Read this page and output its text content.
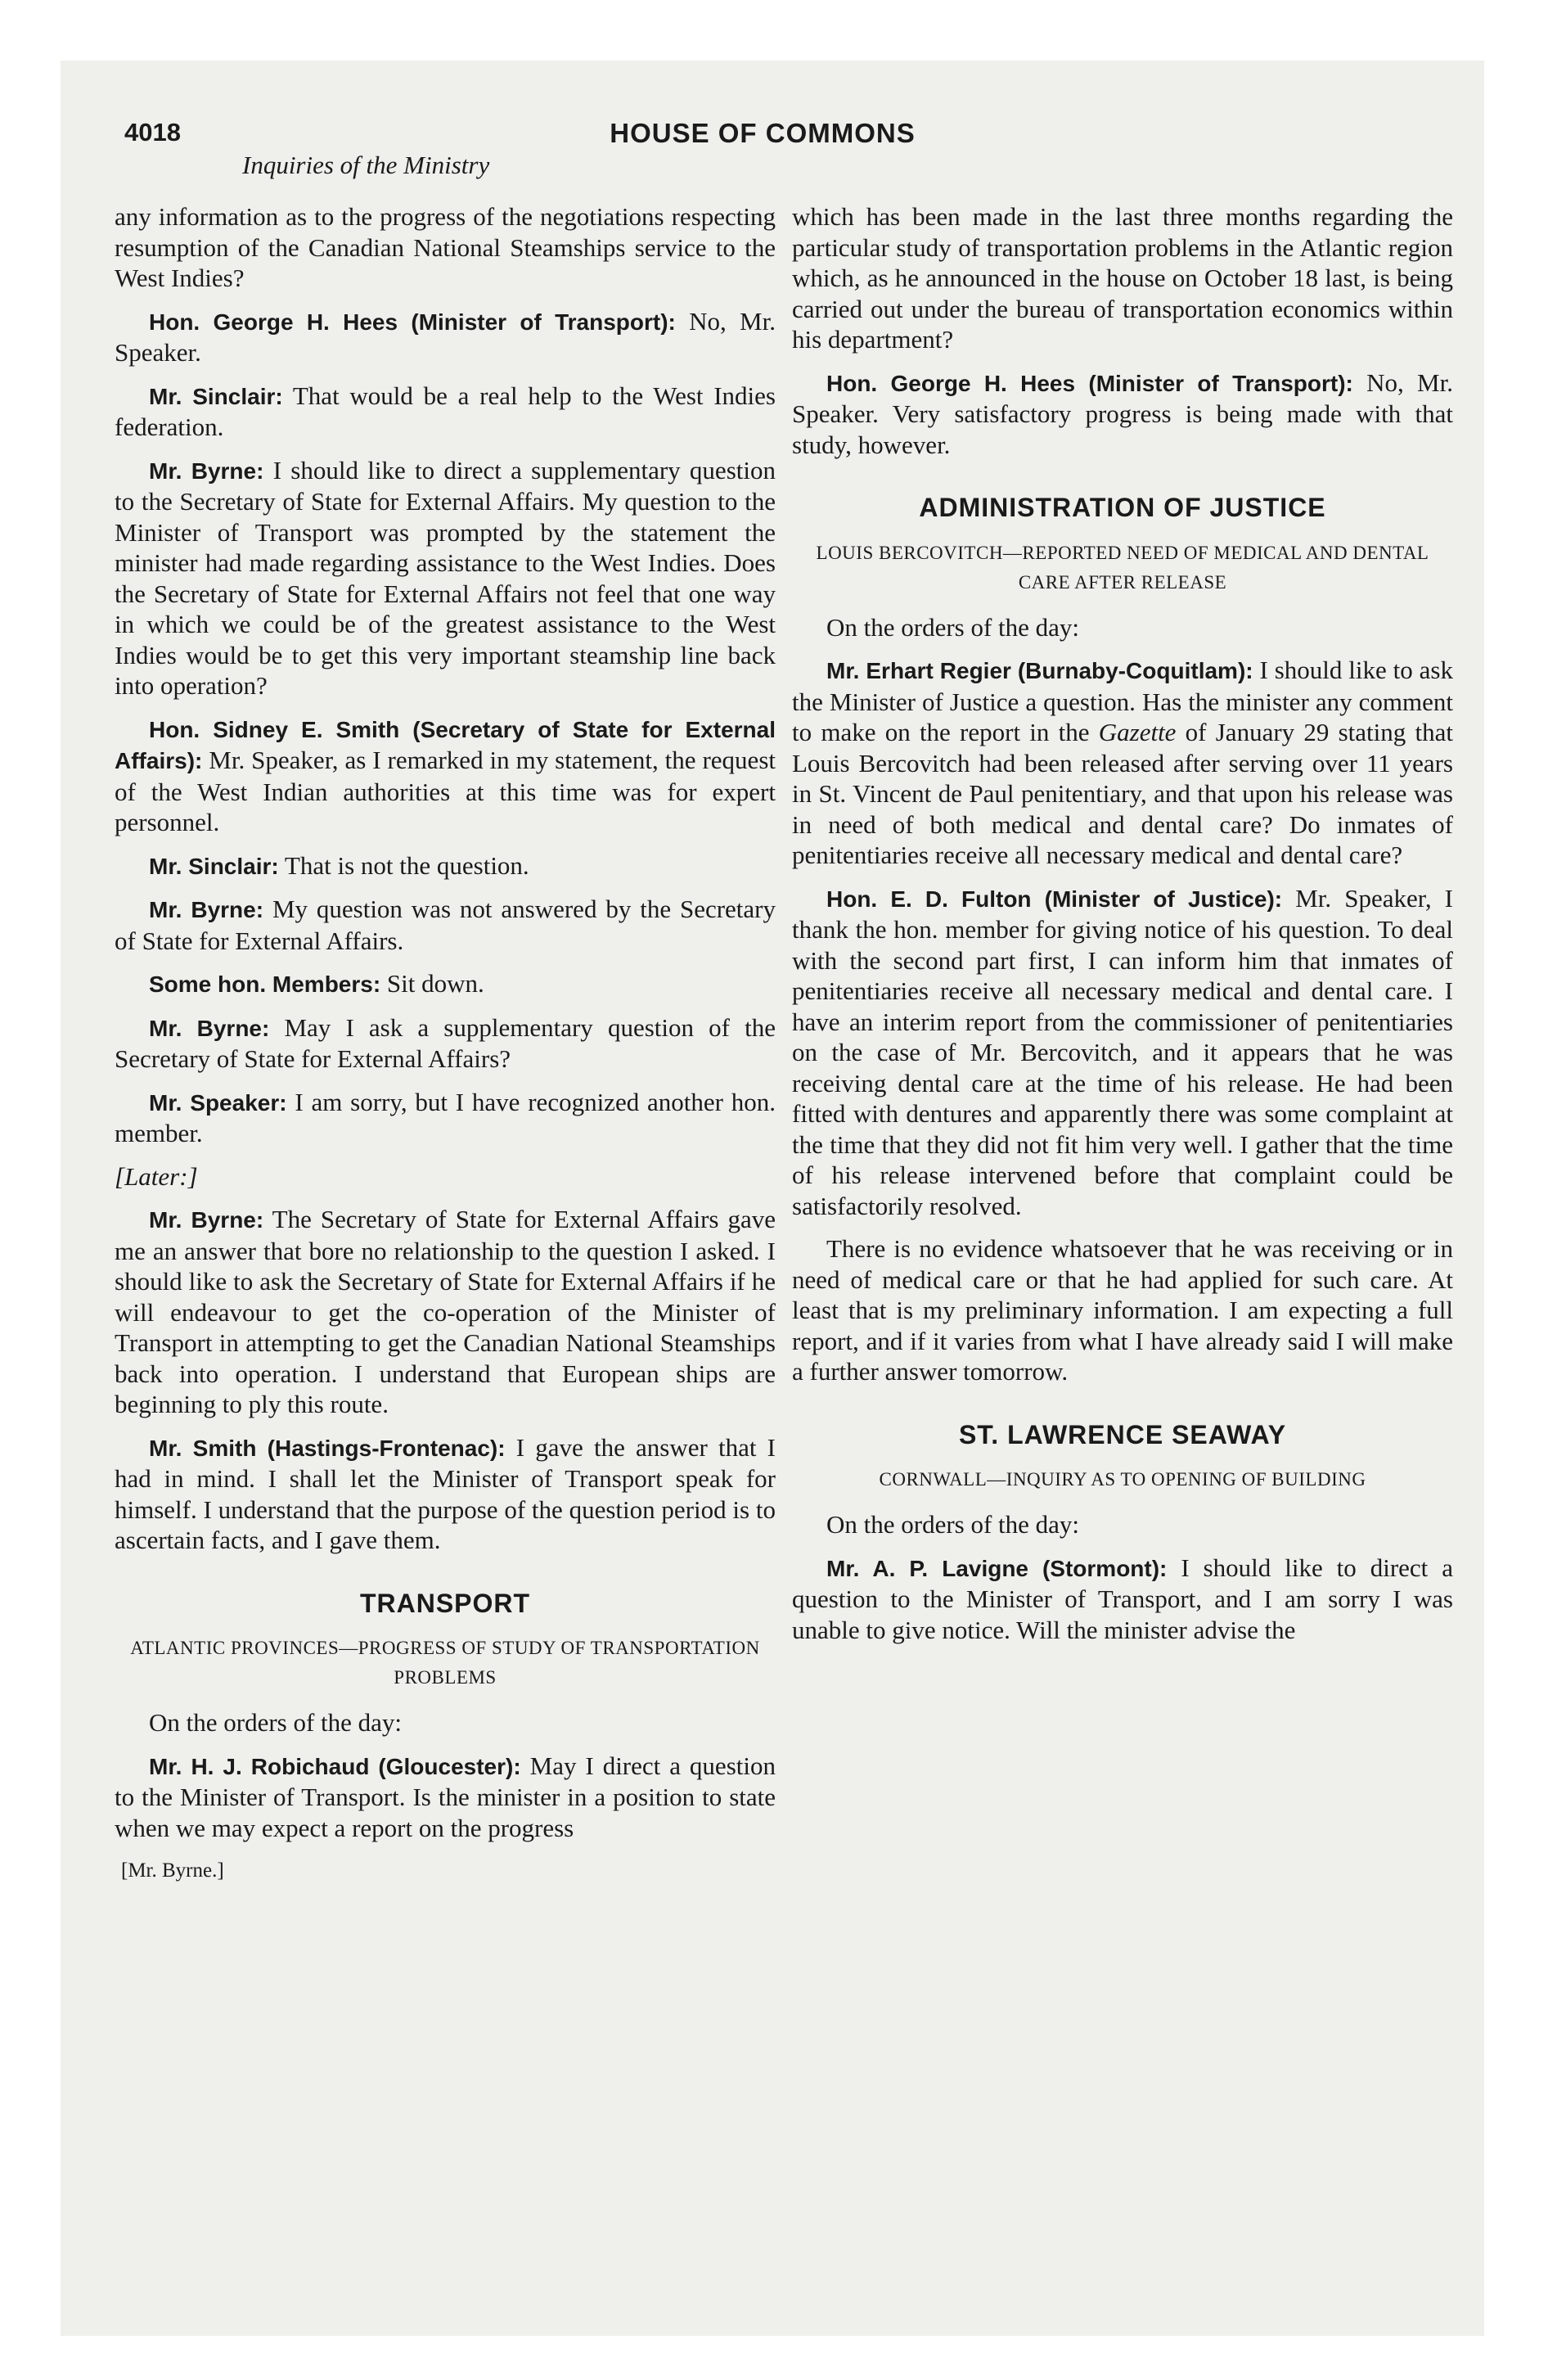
4018	HOUSE OF COMMONS
Inquiries of the Ministry

any information as to the progress of the negotiations respecting resumption of the Canadian National Steamships service to the West Indies?

Hon. George H. Hees (Minister of Transport): No, Mr. Speaker.

Mr. Sinclair: That would be a real help to the West Indies federation.

Mr. Byrne: I should like to direct a supplementary question to the Secretary of State for External Affairs. My question to the Minister of Transport was prompted by the statement the minister had made regarding assistance to the West Indies. Does the Secretary of State for External Affairs not feel that one way in which we could be of the greatest assistance to the West Indies would be to get this very important steamship line back into operation?

Hon. Sidney E. Smith (Secretary of State for External Affairs): Mr. Speaker, as I remarked in my statement, the request of the West Indian authorities at this time was for expert personnel.

Mr. Sinclair: That is not the question.

Mr. Byrne: My question was not answered by the Secretary of State for External Affairs.

Some hon. Members: Sit down.

Mr. Byrne: May I ask a supplementary question of the Secretary of State for External Affairs?

Mr. Speaker: I am sorry, but I have recognized another hon. member.

[Later:]

Mr. Byrne: The Secretary of State for External Affairs gave me an answer that bore no relationship to the question I asked. I should like to ask the Secretary of State for External Affairs if he will endeavour to get the co-operation of the Minister of Transport in attempting to get the Canadian National Steamships back into operation. I understand that European ships are beginning to ply this route.

Mr. Smith (Hastings-Frontenac): I gave the answer that I had in mind. I shall let the Minister of Transport speak for himself. I understand that the purpose of the question period is to ascertain facts, and I gave them.

TRANSPORT
ATLANTIC PROVINCES—PROGRESS OF STUDY OF TRANSPORTATION PROBLEMS

On the orders of the day:

Mr. H. J. Robichaud (Gloucester): May I direct a question to the Minister of Transport. Is the minister in a position to state when we may expect a report on the progress

[Mr. Byrne.]

which has been made in the last three months regarding the particular study of transportation problems in the Atlantic region which, as he announced in the house on October 18 last, is being carried out under the bureau of transportation economics within his department?

Hon. George H. Hees (Minister of Transport): No, Mr. Speaker. Very satisfactory progress is being made with that study, however.

ADMINISTRATION OF JUSTICE
LOUIS BERCOVITCH—REPORTED NEED OF MEDICAL AND DENTAL CARE AFTER RELEASE

On the orders of the day:

Mr. Erhart Regier (Burnaby-Coquitlam): I should like to ask the Minister of Justice a question. Has the minister any comment to make on the report in the Gazette of January 29 stating that Louis Bercovitch had been released after serving over 11 years in St. Vincent de Paul penitentiary, and that upon his release was in need of both medical and dental care? Do inmates of penitentiaries receive all necessary medical and dental care?

Hon. E. D. Fulton (Minister of Justice): Mr. Speaker, I thank the hon. member for giving notice of his question. To deal with the second part first, I can inform him that inmates of penitentiaries receive all necessary medical and dental care. I have an interim report from the commissioner of penitentiaries on the case of Mr. Bercovitch, and it appears that he was receiving dental care at the time of his release. He had been fitted with dentures and apparently there was some complaint at the time that they did not fit him very well. I gather that the time of his release intervened before that complaint could be satisfactorily resolved.

There is no evidence whatsoever that he was receiving or in need of medical care or that he had applied for such care. At least that is my preliminary information. I am expecting a full report, and if it varies from what I have already said I will make a further answer tomorrow.

ST. LAWRENCE SEAWAY
CORNWALL—INQUIRY AS TO OPENING OF BUILDING

On the orders of the day:

Mr. A. P. Lavigne (Stormont): I should like to direct a question to the Minister of Transport, and I am sorry I was unable to give notice. Will the minister advise the
